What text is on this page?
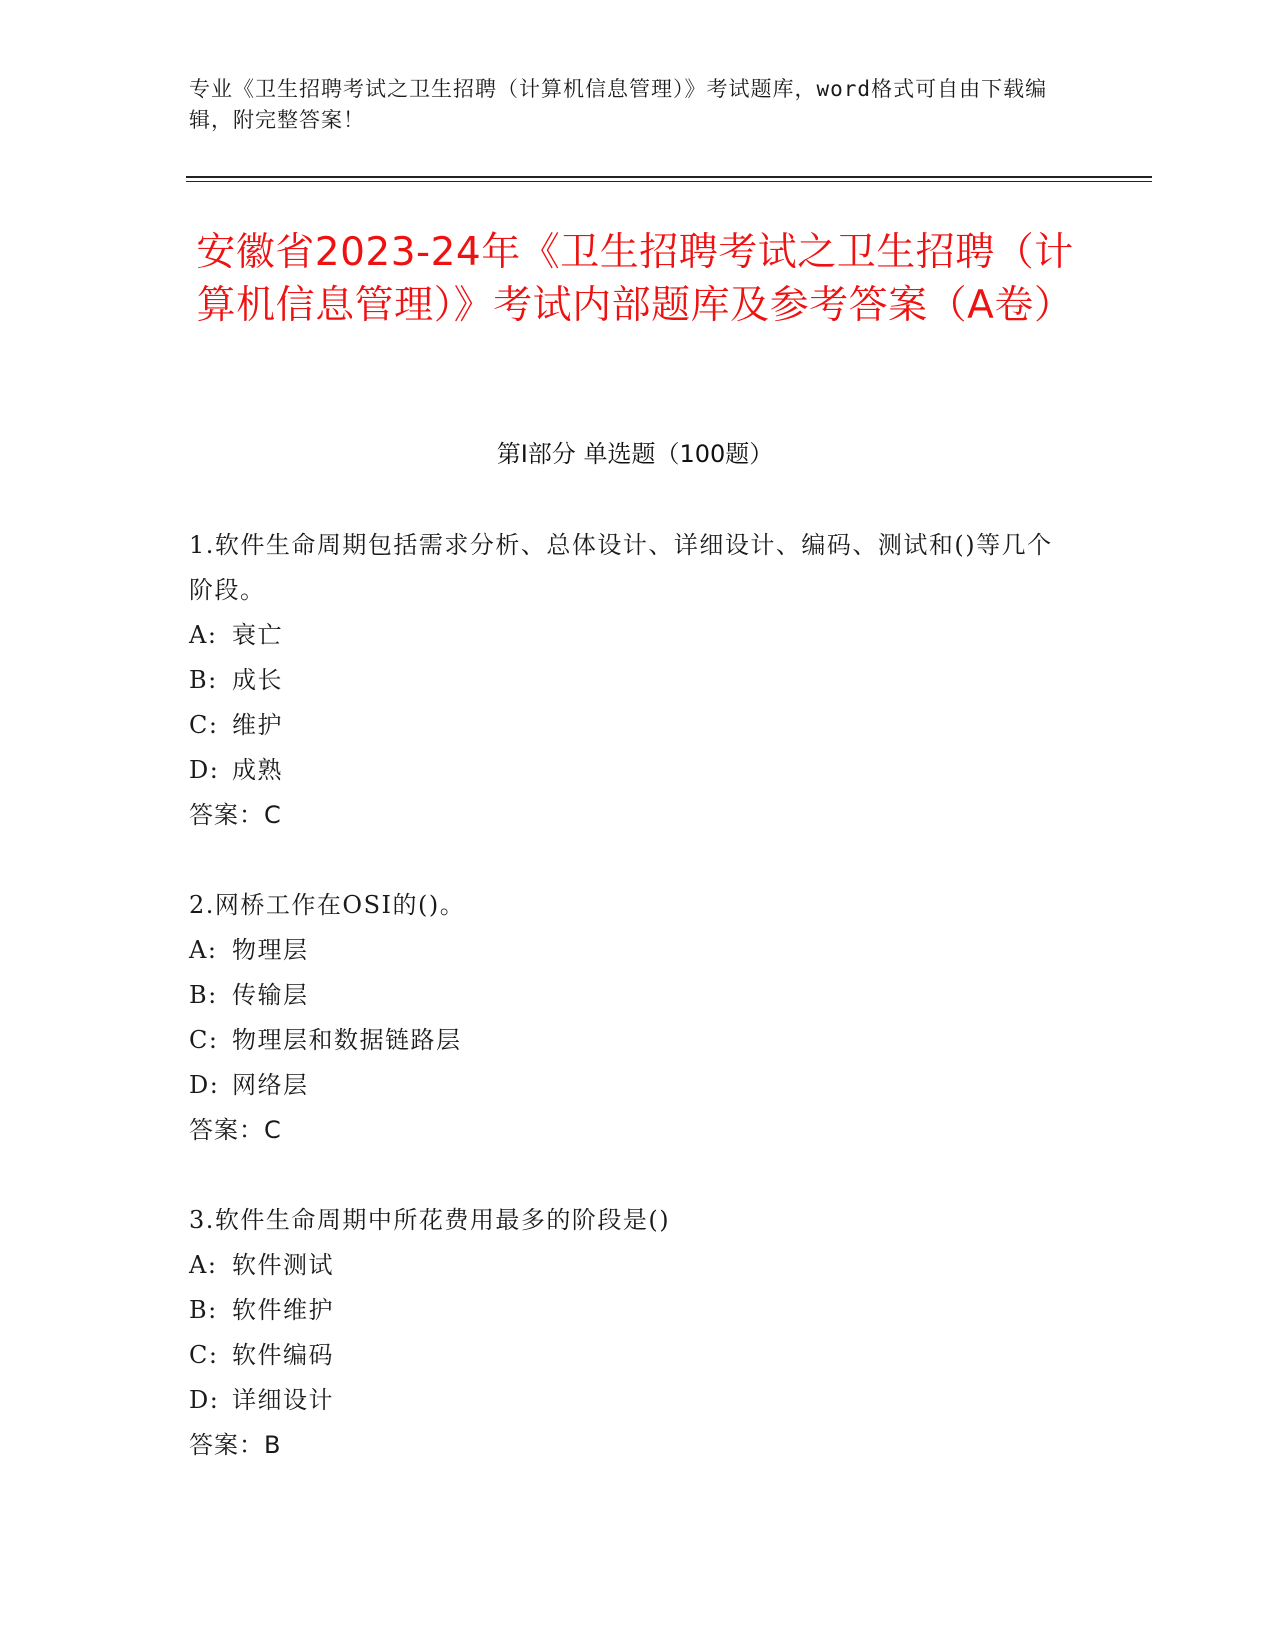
专业《卫生招聘考试之卫生招聘（计算机信息管理）》考试题库，word格式可自由下载编辑，附完整答案！
安徽省2023-24年《卫生招聘考试之卫生招聘（计算机信息管理）》考试内部题库及参考答案（A卷）
第I部分 单选题（100题）
1.软件生命周期包括需求分析、总体设计、详细设计、编码、测试和()等几个阶段。
A: 衰亡
B: 成长
C: 维护
D: 成熟
答案：C
2.网桥工作在OSI的()。
A: 物理层
B: 传输层
C: 物理层和数据链路层
D: 网络层
答案：C
3.软件生命周期中所花费用最多的阶段是()
A: 软件测试
B: 软件维护
C: 软件编码
D: 详细设计
答案：B
